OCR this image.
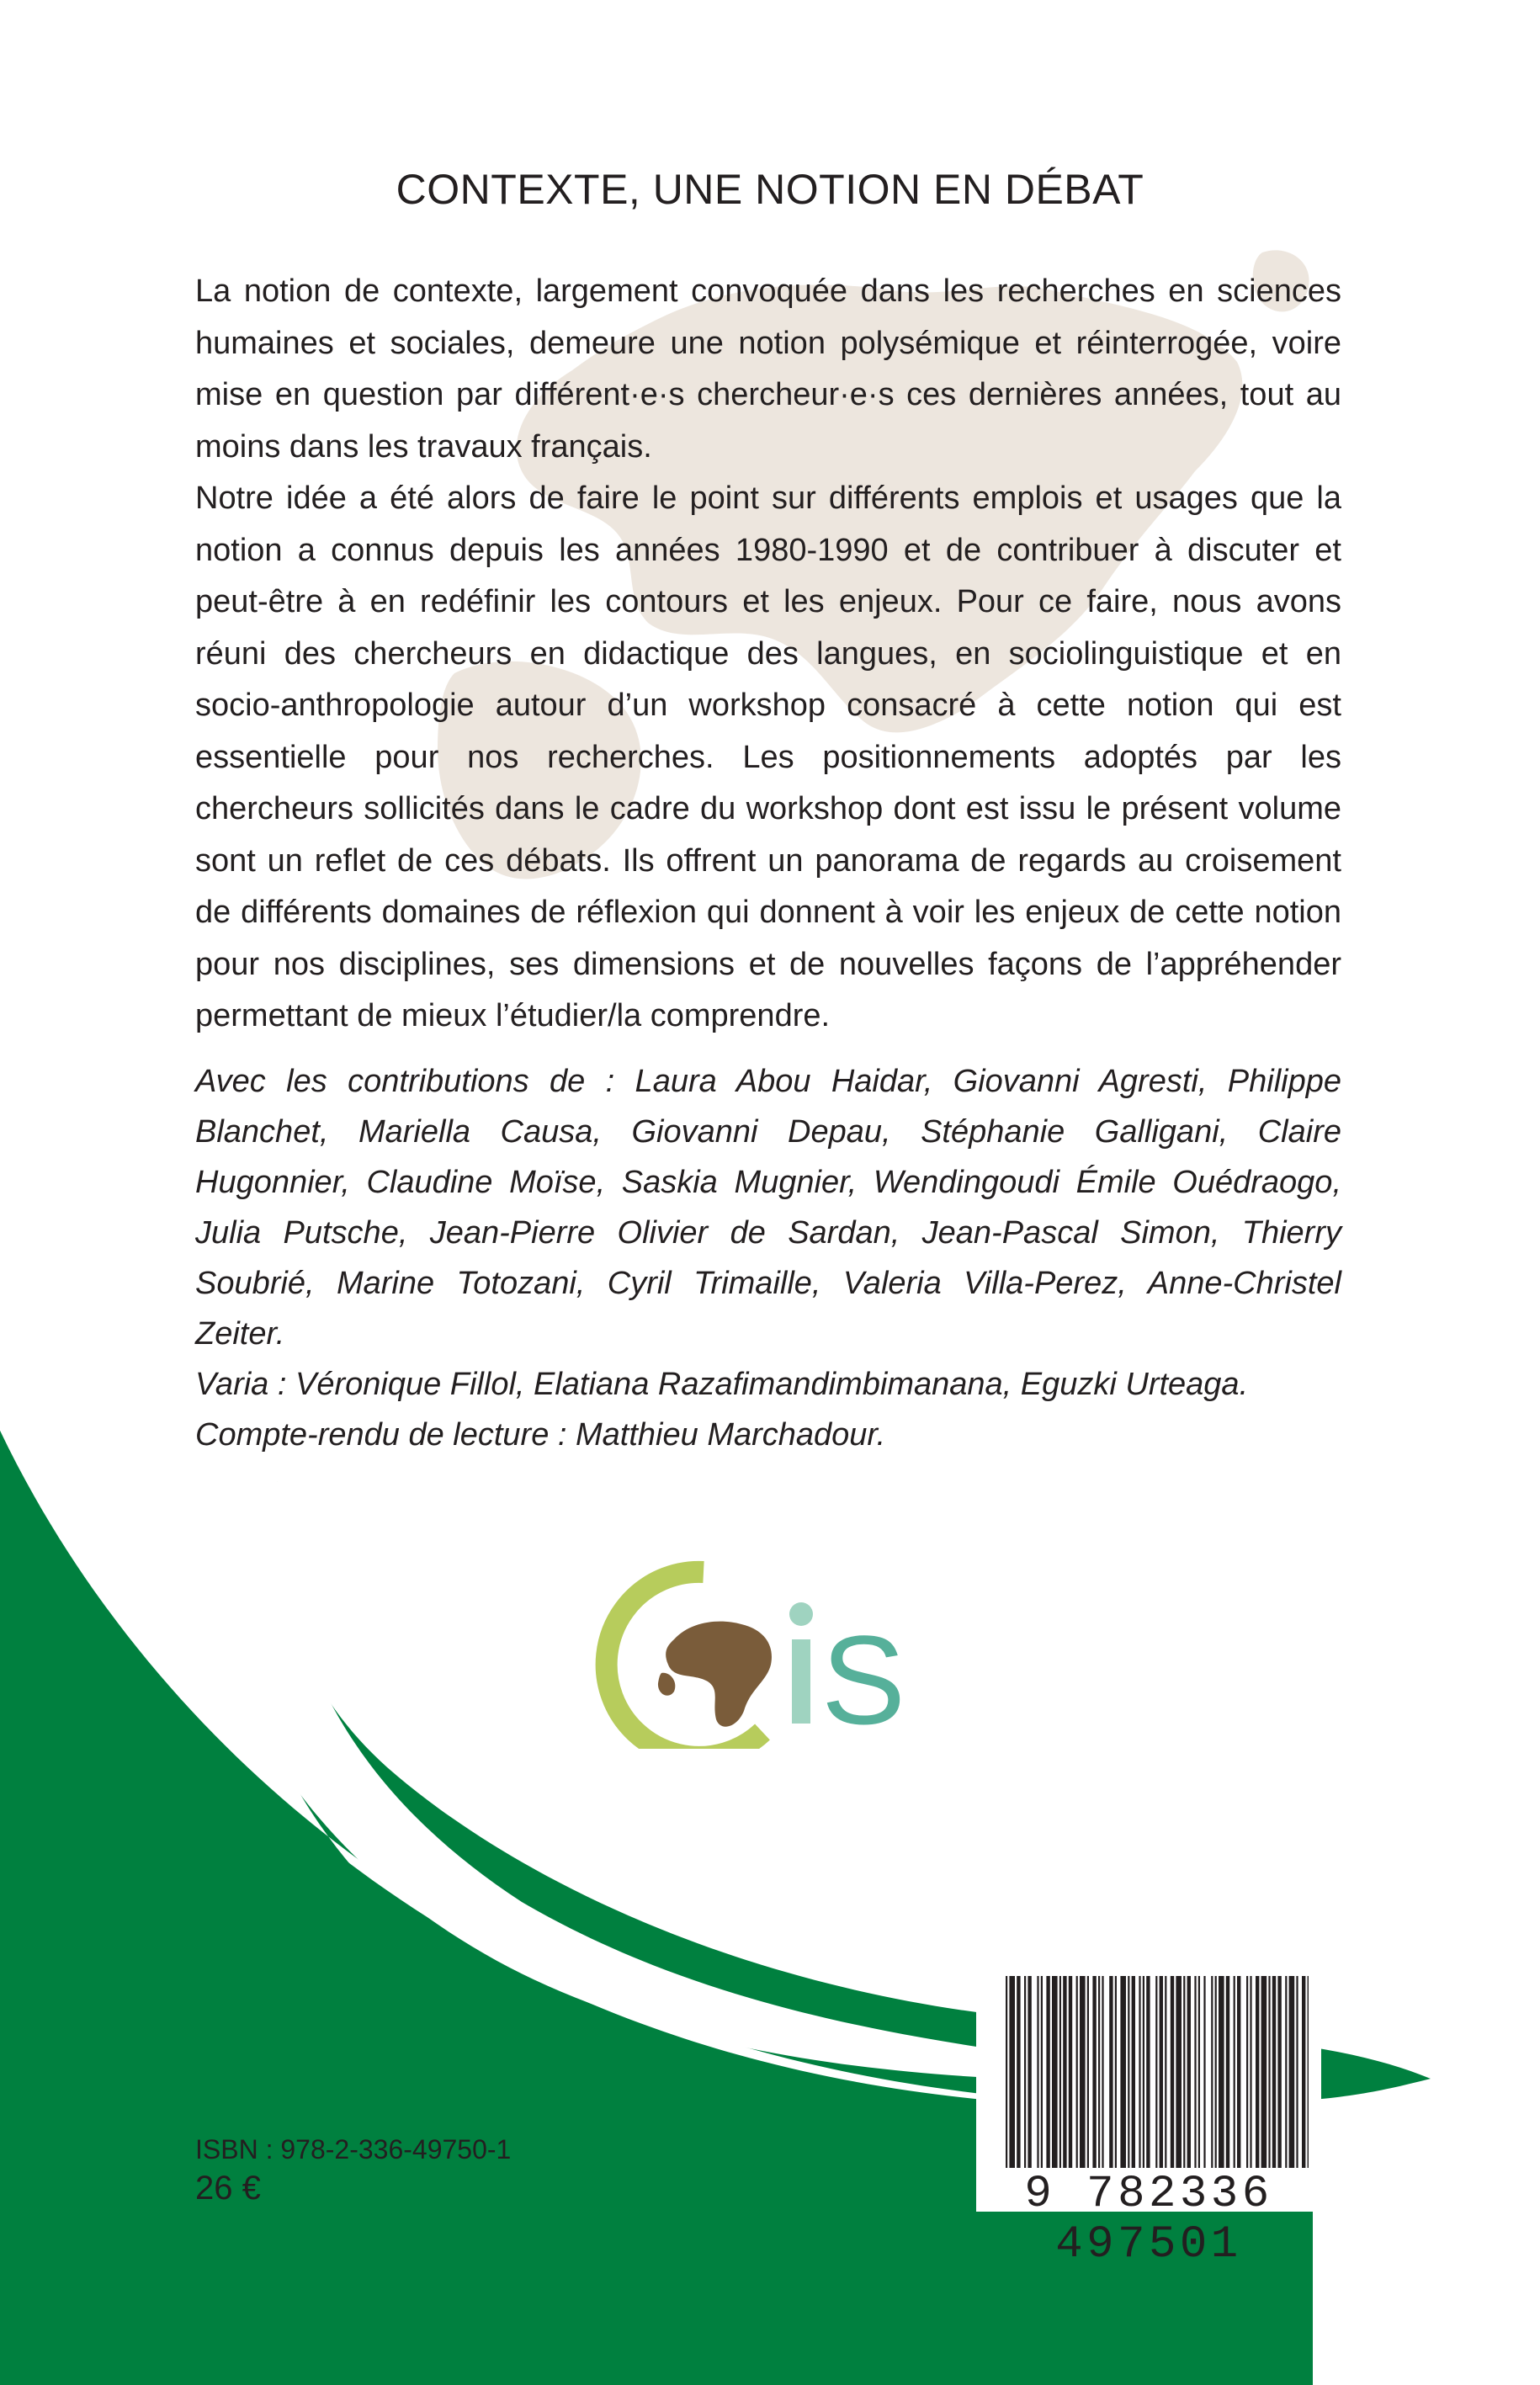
CONTEXTE, UNE NOTION EN DÉBAT

La notion de contexte, largement convoquée dans les recherches en sciences humaines et sociales, demeure une notion polysémique et réinterrogée, voire mise en question par différent·e·s chercheur·e·s ces dernières années, tout au moins dans les travaux français.

Notre idée a été alors de faire le point sur différents emplois et usages que la notion a connus depuis les années 1980-1990 et de contribuer à discuter et peut-être à en redéfinir les contours et les enjeux. Pour ce faire, nous avons réuni des chercheurs en didactique des langues, en sociolinguistique et en socio-anthropologie autour d’un workshop consacré à cette notion qui est essentielle pour nos recherches. Les positionnements adoptés par les chercheurs sollicités dans le cadre du workshop dont est issu le présent volume sont un reflet de ces débats. Ils offrent un panorama de regards au croisement de différents domaines de réflexion qui donnent à voir les enjeux de cette notion pour nos disciplines, ses dimensions et de nouvelles façons de l’appréhender permettant de mieux l’étudier/la comprendre.

Avec les contributions de : Laura Abou Haidar, Giovanni Agresti, Philippe Blanchet, Mariella Causa, Giovanni Depau, Stéphanie Galligani, Claire Hugonnier, Claudine Moïse, Saskia Mugnier, Wendingoudi Émile Ouédraogo, Julia Putsche, Jean-Pierre Olivier de Sardan, Jean-Pascal Simon, Thierry Soubrié, Marine Totozani, Cyril Trimaille, Valeria Villa-Perez, Anne-Christel Zeiter.

Varia : Véronique Fillol, Elatiana Razafimandimbimanana, Eguzki Urteaga.

Compte-rendu de lecture : Matthieu Marchadour.

S
ISBN : 978-2-336-49750-1
26 €	9 782336 497501
